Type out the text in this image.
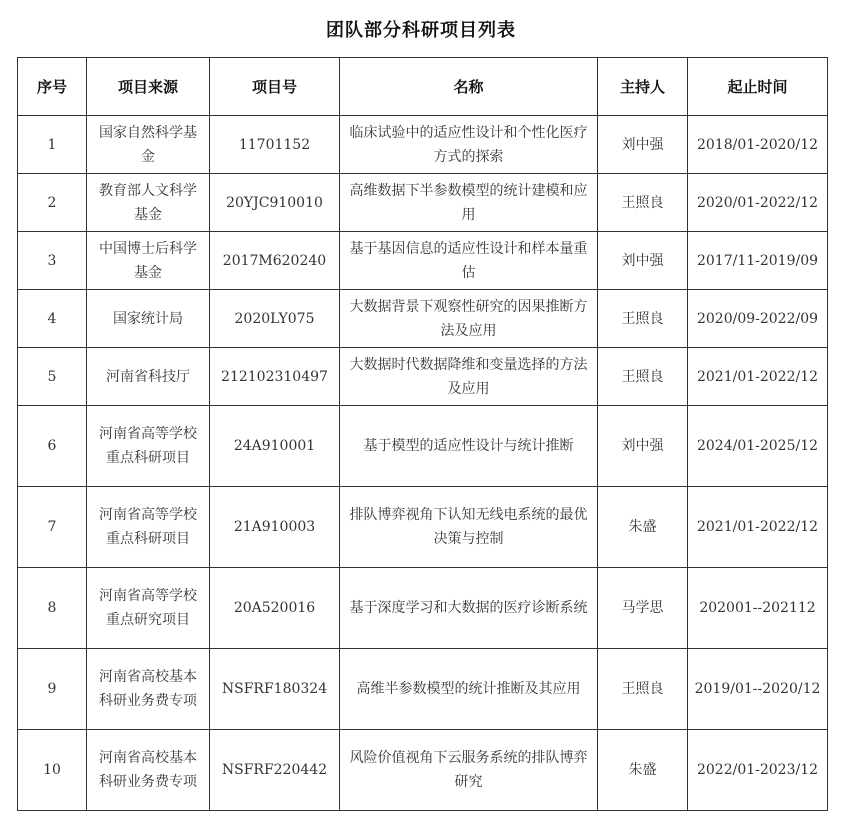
团队部分科研项目列表
序号	项目来源	项目号	名称	主持人	起止时间
1	国家自然科学基金	11701152	临床试验中的适应性设计和个性化医疗方式的探索	刘中强	2018/01-2020/12
2	教育部人文科学基金	20YJC910010	高维数据下半参数模型的统计建模和应用	王照良	2020/01-2022/12
3	中国博士后科学基金	2017M620240	基于基因信息的适应性设计和样本量重估	刘中强	2017/11-2019/09
4	国家统计局	2020LY075	大数据背景下观察性研究的因果推断方法及应用	王照良	2020/09-2022/09
5	河南省科技厅	212102310497	大数据时代数据降维和变量选择的方法及应用	王照良	2021/01-2022/12
6	河南省高等学校重点科研项目	24A910001	基于模型的适应性设计与统计推断	刘中强	2024/01-2025/12
7	河南省高等学校重点科研项目	21A910003	排队博弈视角下认知无线电系统的最优决策与控制	朱盛	2021/01-2022/12
8	河南省高等学校重点研究项目	20A520016	基于深度学习和大数据的医疗诊断系统	马学思	202001--202112
9	河南省高校基本科研业务费专项	NSFRF180324	高维半参数模型的统计推断及其应用	王照良	2019/01--2020/12
10	河南省高校基本科研业务费专项	NSFRF220442	风险价值视角下云服务系统的排队博弈研究	朱盛	2022/01-2023/12
